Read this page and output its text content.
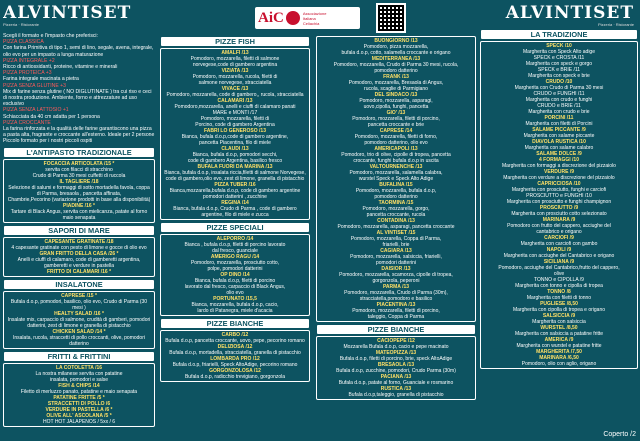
ALVINTISET
Pizzeria · Ristorante
Scegli il formato e l'impasto che preferisci:
PIZZA CLASSICA
Con farina Primitiva di tipo 1, semi di lino, segale, avena, integrale,
olio evo per un impasto a lunga maturazione
PIZZA INTEGRALE +2
Ricco di antiossidanti, proteine, vitamine e minerali
PIZZA PROTEICA +3
Farina integrale macinata a pietra
PIZZA SENZA GLUTINE +3
Mix di farine senza glutine ( NO DIGLUTINATE ) tra cui riso e ceci
di nostra produzione. Ambiente, forno e attrezzature ad uso esclusivo
PIZZA SENZA LATTOSIO +1
Schiacciata da 40 cm adatta per 1 persona
PIZZA CROCCANTE
La farina rinforzata e la qualità delle farine garantiscono una pizza
a pasta alta, fragrante e croccante all'esterno. Ideale per 2 persone
Piccolo formato per i nostri piccoli ospiti
L'ANTIPASTO TRADIZIONALE
FOCACCIA ARTICOLATA /15 *
servita con filacci di stracchino
Crudo di Parma 30 mesi cuffetti di ruccola
IL TAGLIERE /18
Selezione di salumi e formaggi di sotto mortadella favola, coppa
di Parma, bresaola , pancetta affinata,
Chambrie,Pecorino (variazione prodotti in base alla disponibilità)
PIADINE /16 *
Tartare di Black Angus, servita con mielicanza, patate al forno
maio senapata
SAPORI DI MARE
CAPESANTE GRATINATE /18
4 capesante gratinate con pesto di limone e gocce di olio evo
GRAN FRITTO DELLA CASA /26 *
Anelli e ciuffi di calamaro, code di gamberetti argentina,
gamberetti e verdure in pastella
FRITTO DI CALAMARI /16 *
INSALATONE
CAPRESE /15 *
Bufala d.o.p, pomodori, basilico, olio evo, Crudo di Parma (30 mesi )
HEALTY SALAD /16 *
Insalate mix, carpaccio di salmone, crudità di gamberi, pomodori
datterini, zest di limone e granella di pistacchio
CHICKEN SALAD /14 *
Insalata, rucola, straccetti di pollo croccanti, olive, pomodori datterino
FRITTI & FRITTINI
LA COTOLETTA /16
La nostra milanese servita con patatine
insalata, pomodori e salse
FISH & CHIPS /14
Filetto di merluzzo panato, patatine e maio senapata
PATATINE FRITTE /5 *
STRACCETTI DI POLLO /6
VERDURE IN PASTELLA /6 *
OLIVE ALL' ASCOLANA /5 *
HOT HOT JALAPENOS / 5xx / 6
PIZZE FISH
AMALFI /13
Pomodoro, mozzarella, filetti di salmone
norvegese,code di gambero argentina
VIZIATA /13
Pomodoro, mozzarella, rucola, filetti di
salmone norvegese, stracciatella
VIVACE /13
Pomodoro, mozzarella, code di gambero,, rucola, stracciatella
CALAMARI /13
Pomodoro,mozzarella, anelli e ciuffi di calamaro panati
MARE e MONTI /17
Pomodoro, mozzarella, filetti di
Porcino, code di gambero Argentina
FABRI LO GENEROSO /13
Bianca, bufala d.o.p,code di gambero argentine,
pancetta Piacentina, filo di miele
CLAUDI /13
Bianca, bufala d.o.p, pomodori secchi,
code di gambero Argentina, basilico fresco
BUFALA FUORI DA MARINA /13
Bianca, bufala d.o.p, insalata riccia,filetti di salmone Norvegese,
code di gambero,olio evo, zest di limone, granella di pistacchio
PIZZA TUBER /16
Bianca,mozzarella,bufala d.o.p, code di gambero argentine
pomodori datterini , zucchine
REGINA /14
Bianca, bufala d.o.p, Crudo di Parma , code di gambero
argentine, filo di miele e zucca
PIZZE SPECIALI
ALEPORRO /14
Bianca , bufala d.o.p, filetti di porcino lavorato
dal fresco, guanciale
AMERIGO RAGU /14
Pomodoro, mozzarella, prosciutto cotto,
polpe, pomodori datterini
OP DINO /14
Bianca, bufala d.o.p, filetti di porcino
lavorato dal fresco, carpaccio di Black Angus,
olio evo
PORTUNATO /15,5
Bianca, mozzarella, bufala d.o.p, cacio,
lardo di Patanegra, miele d'acacia
PIZZE BIANCHE
CARBO /12
Bufala d.o.p, pancetta croccante, uovo, pepe, pecorino romano
DELIZIOSA /12
Bufala d.o.p, mortadella, stracciatella, granella di pistacchio
LOMBARDA PRO /12
Bufala d.o.p, friarielli, Speck AltoAdige, pecorino romano
GORGONZOLOSA /12
Bufala d.o.p, radicchio trevigiano, gorgonzola
BUONGIORNO /13
Pomodoro, pizza mozzarella,
bufala d.o.p, cotto, salamella croccante e origano
MEDITERRANEA /13
Pomodoro, mozzarella, Crudo di Parma 30 mesi, rucola,
pomodoro datterino
FRANK /13
Pomodoro, mozzarella, Bresaola di Angus,
rucola, scaglie di Parmigiano
DEL SINDACO /13
Pomodoro, mozzarella, asparagi,
uovo,cipolla, funghi, pancetta
GIO' /13
Pomodoro, mozzarella, filetti di porcino,
pancetta croccante e brie
CAPRESE /14
Pomodoro, mozzarella, filetti di forno,
pomodoro datterino, olio evo
AMERICAPOLI /13
Pomodoro, trio di olive, cipolle di tropea, pancetta
croccante, funghi bufala d.o.p in uscita
VALTOURNENCHE /13
Pomodoro, mozzarella, salamella calabra,
wurstel Speck e Speck Alto Adige
BUFALINA /15
Pomodoro, mozzarella, bufala d.o.p,
pomodoro datterino
TAORMINA /15
Pomodoro, mozzarella, gorgo,
pancetta croccante, rucola
CONTADINA /13
Pomodoro, mozzarella, asparagi, pancetta croccante
AL VINTISET /15
Pomodoro, mozzarella, Coppa di Parma,
friarielli, brie
CAGIARA /13
Pomodoro, mozzarella, salsiccia, friarielli,
pomodori datterini
DAISIOR /13
Pomodoro, mozzarella, scamorza, cipolle di tropea,
gorgonzola, peperoni
PARMA /13
Pomodoro, mozzarella, Crudo di Parma (30m),
stracciatella,pomodoro e basilico
PIACENTINA /13
Pomodoro, mozzarella, filetti di porcino,
taleggio, Coppa di Parma
PIZZE BIANCHE
CACIOPEPE /12
Mozzarella Bufala d.o.p, cacio e pepe macinato
MATEOPIZZA /13
Bufala d.o.p, filetti di porcino, brie, speck AltoAdige
BRESAOLA /13
Bufala d.o.p, zucchine, pomodori, Crudo Parma (30m)
PACIANA /13
Bufala d.o.p, patate al forno, Guanciale e rosmarino
RUSTICA /13
Bufala d.o.p,taleggio, granella di pistacchio
ALVINTISET
Pizzeria · Ristorante
LA TRADIZIONE
SPECK /10
Margherita con Speck Alto adige
SPECK e CROSTA /11
Margherita con speck e gorgo
SPECK e BRIE /11
Margherita con speck e brie
CRUDO /10
Margherita con Crudo di Parma 30 mesi
CRUDO e FUNGHI /11
Margherita con crudo e funghi
CRUDO e BRIE /11
Margherita con crudo e brie
PORCINI /11
Margherita con filetti di Porcini
SALAME PICCANTE /9
Margherita con salame piccante
DIAVOLA RUSTICA /10
Margherita con salame calabro
SALAME DOLCE /9
4 FORMAGGI /10
Margherita con formaggi a discrezione del pizzaiolo
VERDURE /9
Margherita con verdure a discrezione del pizzaiolo
CAPRICCIOSA /10
Margherita con prosciutto, funghi e carciofi
PROSCIUTTO e FUNGHI /10
Margherita con prosciutto e funghi champignon
PROSCIUTTO /9
Margherita con prosciutto cotto selezionato
MARINARA /9
Pomodoro con frutto del cappero, acciughe del
cantabrico e origano
CARCIOFI /9
Margherita con carciofi con gambo
NAPOLI /9
Margherita con acciughe del Cantabrico e origano
SICILIANA /9
Pomodoro, acciughe del Cantabrico,frutto del cappero,
olive
TONNO e CIPOLLA /9
Margherita con tonno e cipolla di tropea
TONNO /8
Margherita con filetti di tonno
PUGLIESE /8,50
Margherita con cipolla di tropea e origano
SALSICCIA /9
Margherita con salsiccia
WURSTEL /8,50
Margherita con salsiccia a patatine fritte
AMERICA /9
Margherita con wurstel e patatine fritte
MARGHERITA /7,50
MARINARA /6,50
Pomodoro, olio con aglio, origano
AiC	Associazione
Italiana
Celiachia
Coperto /2
